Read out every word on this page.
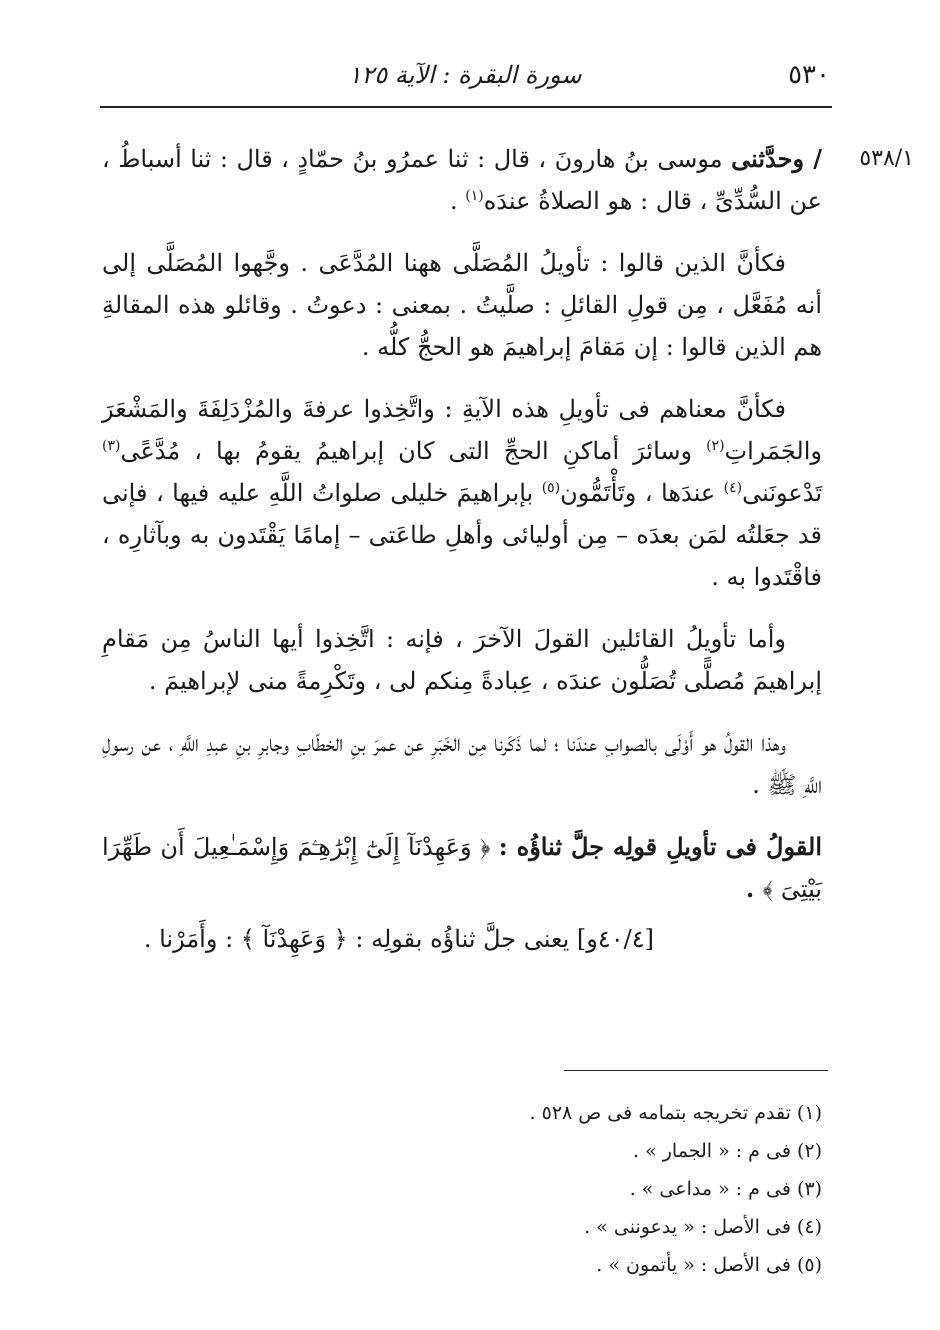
٥٣٠
سورة البقرة : الآية ١٢٥
٥٣٨/١

/ وحدَّثنى موسى بنُ هارونَ ، قال : ثنا عمرُو بنُ حمّادٍ ، قال : ثنا أسباطُ ، عن السُّدِّىِّ ، قال : هو الصلاةُ عندَه$^{(١)}$ .

فكأنَّ الذين قالوا : تأويلُ المُصَلَّى ههنا المُدَّعَى . وجَّهوا المُصَلَّى إلى أنه مُفَعَّل ، مِن قولِ القائلِ : صلَّيتُ . بمعنى : دعوتُ . وقائلو هذه المقالةِ هم الذين قالوا : إن مَقامَ إبراهيمَ هو الحجُّ كلُّه .

فكأنَّ معناهم فى تأويلِ هذه الآيةِ : واتَّخِذوا عرفةَ والمُزْدَلِفَةَ والمَشْعَرَ والجَمَراتِ$^{(٢)}$ وسائرَ أماكنِ الحجِّ التى كان إبراهيمُ يقومُ بها ، مُدَّعًى$^{(٣)}$ تَدْعونَنى$^{(٤)}$ عندَها ، وتَأْتَمُّون$^{(٥)}$ بإبراهيمَ خليلى صلواتُ اللَّهِ عليه فيها ، فإنى قد جعَلتُه لمَن بعدَه – مِن أوليائى وأهلِ طاعَتى – إمامًا يَقْتَدون به وبآثارِه ، فاقْتَدوا به .

وأما تأويلُ القائلين القولَ الآخرَ ، فإنه : اتَّخِذوا أيها الناسُ مِن مَقامِ إبراهيمَ مُصلًّى تُصَلُّون عندَه ، عِبادةً مِنكم لى ، وتَكْرِمةً منى لإبراهيمَ .

وهذا القولُ هو أَوْلَى بالصوابِ عندَنا ؛ لما ذَكَرنا مِن الخَبَرِ عن عمرَ بنِ الخطّابِ وجابرِ بنِ عبدِ اللَّهِ ، عن رسولِ اللَّهِ ﷺ .

القولُ فى تأويلِ قولِه جلَّ ثناؤُه : ﴿ وَعَهِدْنَآ إِلَىٰٓ إِبْرَٰهِـۧمَ وَإِسْمَـٰعِيلَ أَن طَهِّرَا بَيْتِىَ ﴾ .

[٤٠/٤و] يعنى جلَّ ثناؤُه بقولِه : ﴿ وَعَهِدْنَآ ﴾ : وأَمَرْنا .

(١) تقدم تخريجه بتمامه فى ص ٥٢٨ .

(٢) فى م : « الجمار » .

(٣) فى م : « مداعى » .

(٤) فى الأصل : « يدعوننى » .

(٥) فى الأصل : « يأتمون » .
